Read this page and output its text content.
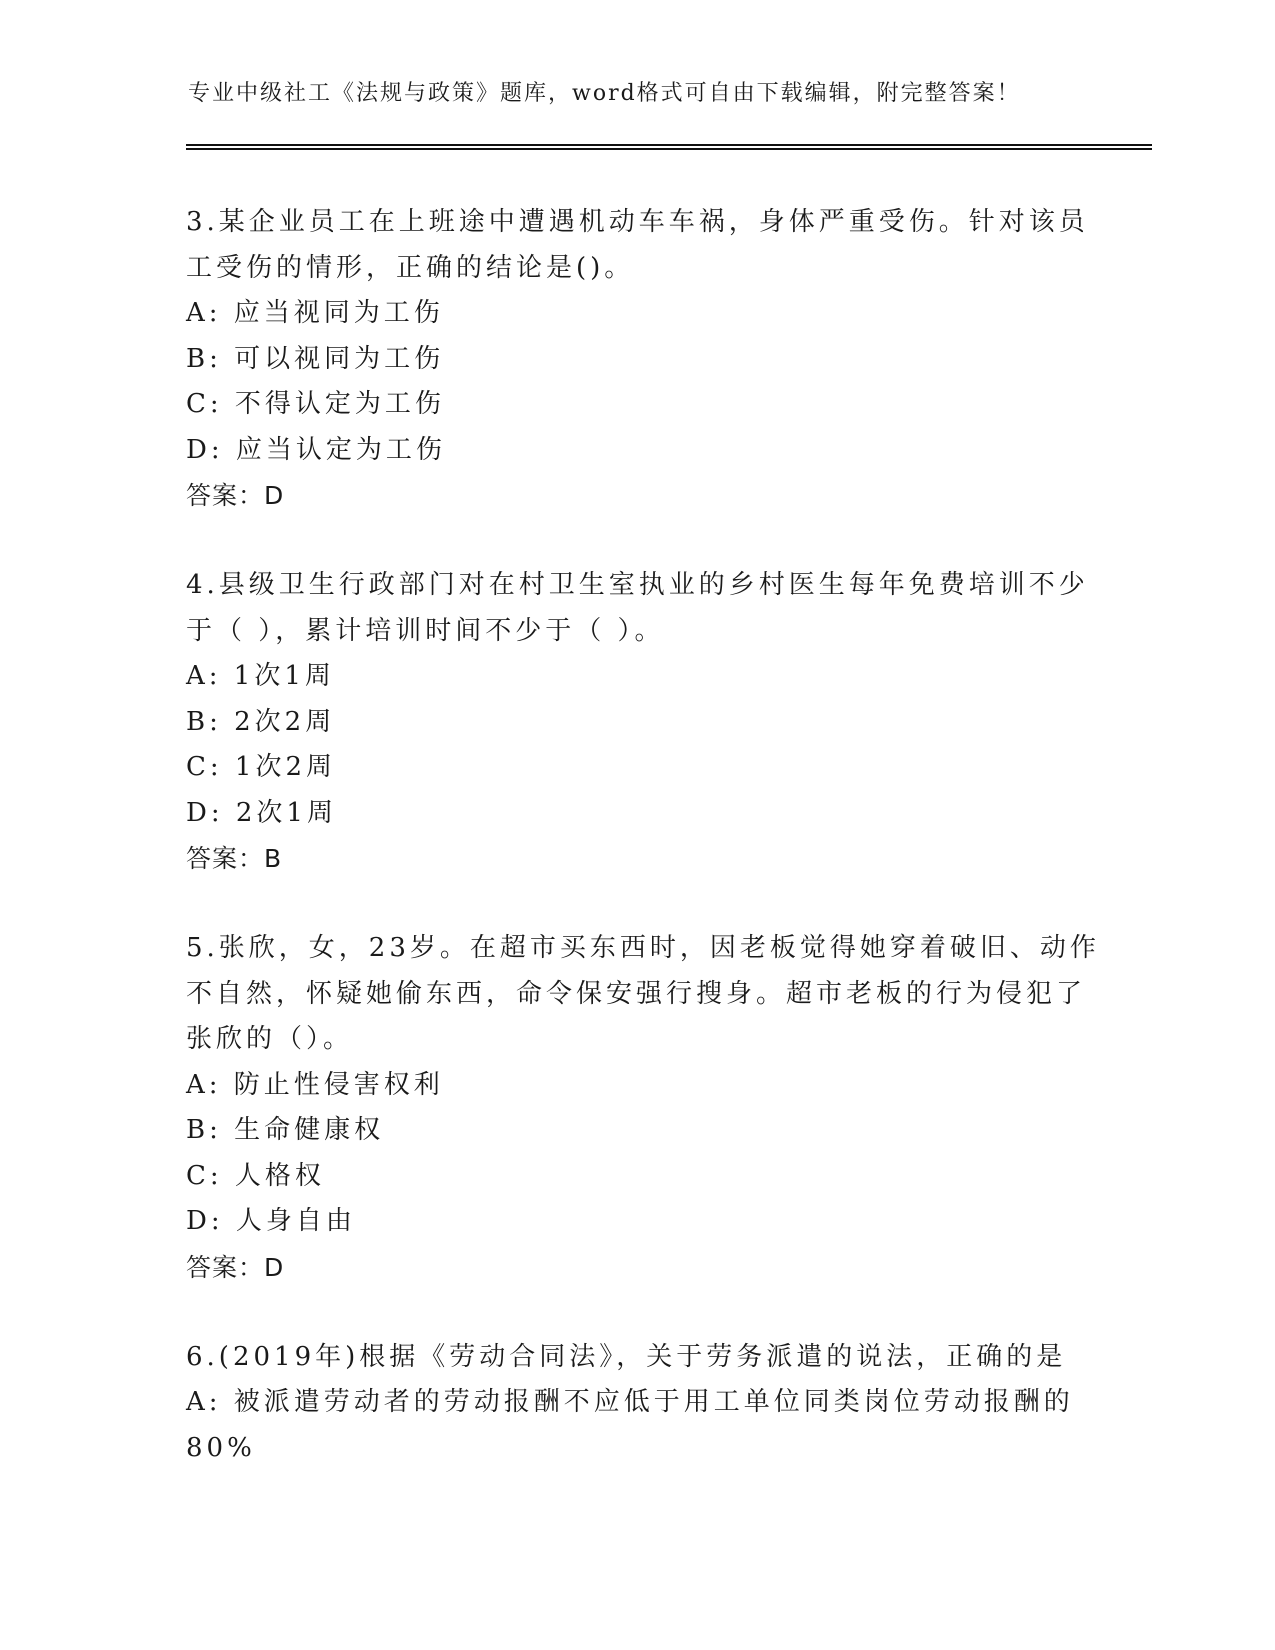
专业中级社工《法规与政策》题库，word格式可自由下载编辑，附完整答案！
3.某企业员工在上班途中遭遇机动车车祸，身体严重受伤。针对该员
工受伤的情形，正确的结论是()。
A: 应当视同为工伤
B: 可以视同为工伤
C: 不得认定为工伤
D: 应当认定为工伤
答案：D
4.县级卫生行政部门对在村卫生室执业的乡村医生每年免费培训不少
于（ ），累计培训时间不少于（ ）。
A: 1次1周
B: 2次2周
C: 1次2周
D: 2次1周
答案：B
5.张欣，女，23岁。在超市买东西时，因老板觉得她穿着破旧、动作
不自然，怀疑她偷东西，命令保安强行搜身。超市老板的行为侵犯了
张欣的（）。
A: 防止性侵害权利
B: 生命健康权
C: 人格权
D: 人身自由
答案：D
6.(2019年)根据《劳动合同法》，关于劳务派遣的说法，正确的是
A: 被派遣劳动者的劳动报酬不应低于用工单位同类岗位劳动报酬的
80%
